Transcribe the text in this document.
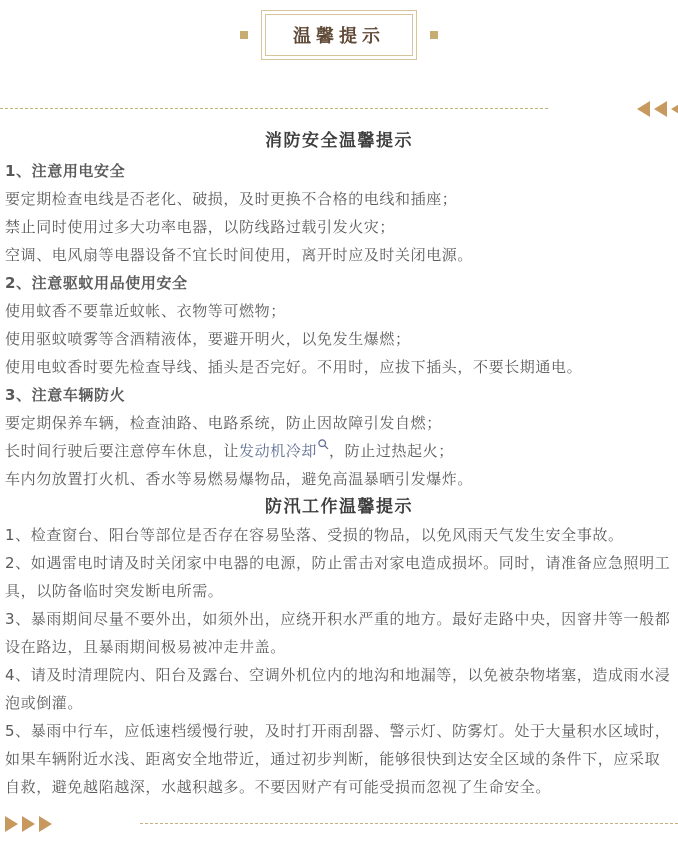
温馨提示
消防安全温馨提示

1、注意用电安全

要定期检查电线是否老化、破损，及时更换不合格的电线和插座；

禁止同时使用过多大功率电器，以防线路过载引发火灾；

空调、电风扇等电器设备不宜长时间使用，离开时应及时关闭电源。

2、注意驱蚊用品使用安全

使用蚊香不要靠近蚊帐、衣物等可燃物；

使用驱蚊喷雾等含酒精液体，要避开明火，以免发生爆燃；

使用电蚊香时要先检查导线、插头是否完好。不用时，应拔下插头，不要长期通电。

3、注意车辆防火

要定期保养车辆，检查油路、电路系统，防止因故障引发自燃；

长时间行驶后要注意停车休息，让发动机冷却 ，防止过热起火；

车内勿放置打火机、香水等易燃易爆物品，避免高温暴晒引发爆炸。

防汛工作温馨提示

1、检查窗台、阳台等部位是否存在容易坠落、受损的物品，以免风雨天气发生安全事故。

2、如遇雷电时请及时关闭家中电器的电源，防止雷击对家电造成损坏。同时，请准备应急照明工具，以防备临时突发断电所需。

3、暴雨期间尽量不要外出，如须外出，应绕开积水严重的地方。最好走路中央，因窨井等一般都设在路边，且暴雨期间极易被冲走井盖。

4、请及时清理院内、阳台及露台、空调外机位内的地沟和地漏等，以免被杂物堵塞，造成雨水浸泡或倒灌。

5、暴雨中行车，应低速档缓慢行驶，及时打开雨刮器、警示灯、防雾灯。处于大量积水区域时，如果车辆附近水浅、距离安全地带近，通过初步判断，能够很快到达安全区域的条件下，应采取自救，避免越陷越深，水越积越多。不要因财产有可能受损而忽视了生命安全。
